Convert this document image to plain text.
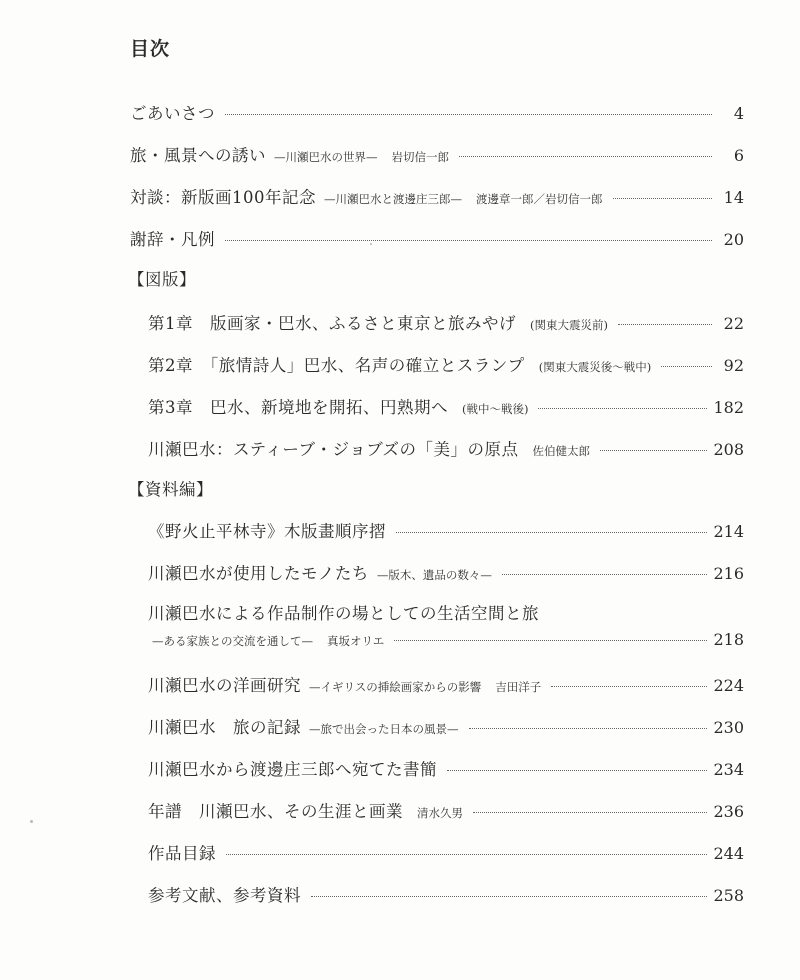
目次
ごあいさつ	4
旅・風景への誘い —川瀬巴水の世界— 岩切信一郎	6
対談：新版画100年記念 —川瀬巴水と渡邊庄三郎— 渡邊章一郎／岩切信一郎	14
謝辞・凡例	20
【図版】
第1章　版画家・巴水、ふるさと東京と旅みやげ (関東大震災前)	22
第2章　「旅情詩人」巴水、名声の確立とスランプ (関東大震災後〜戦中)	92
第3章　巴水、新境地を開拓、円熟期へ (戦中〜戦後)	182
川瀬巴水：スティーブ・ジョブズの「美」の原点 佐伯健太郎	208
【資料編】
《野火止平林寺》木版畫順序摺	214
川瀬巴水が使用したモノたち —版木、遺品の数々—	216
川瀬巴水による作品制作の場としての生活空間と旅
—ある家族との交流を通して— 真坂オリエ	218
川瀬巴水の洋画研究 —イギリスの挿絵画家からの影響 吉田洋子	224
川瀬巴水　旅の記録 —旅で出会った日本の風景—	230
川瀬巴水から渡邊庄三郎へ宛てた書簡	234
年譜　川瀬巴水、その生涯と画業 清水久男	236
作品目録	244
参考文献、参考資料	258
